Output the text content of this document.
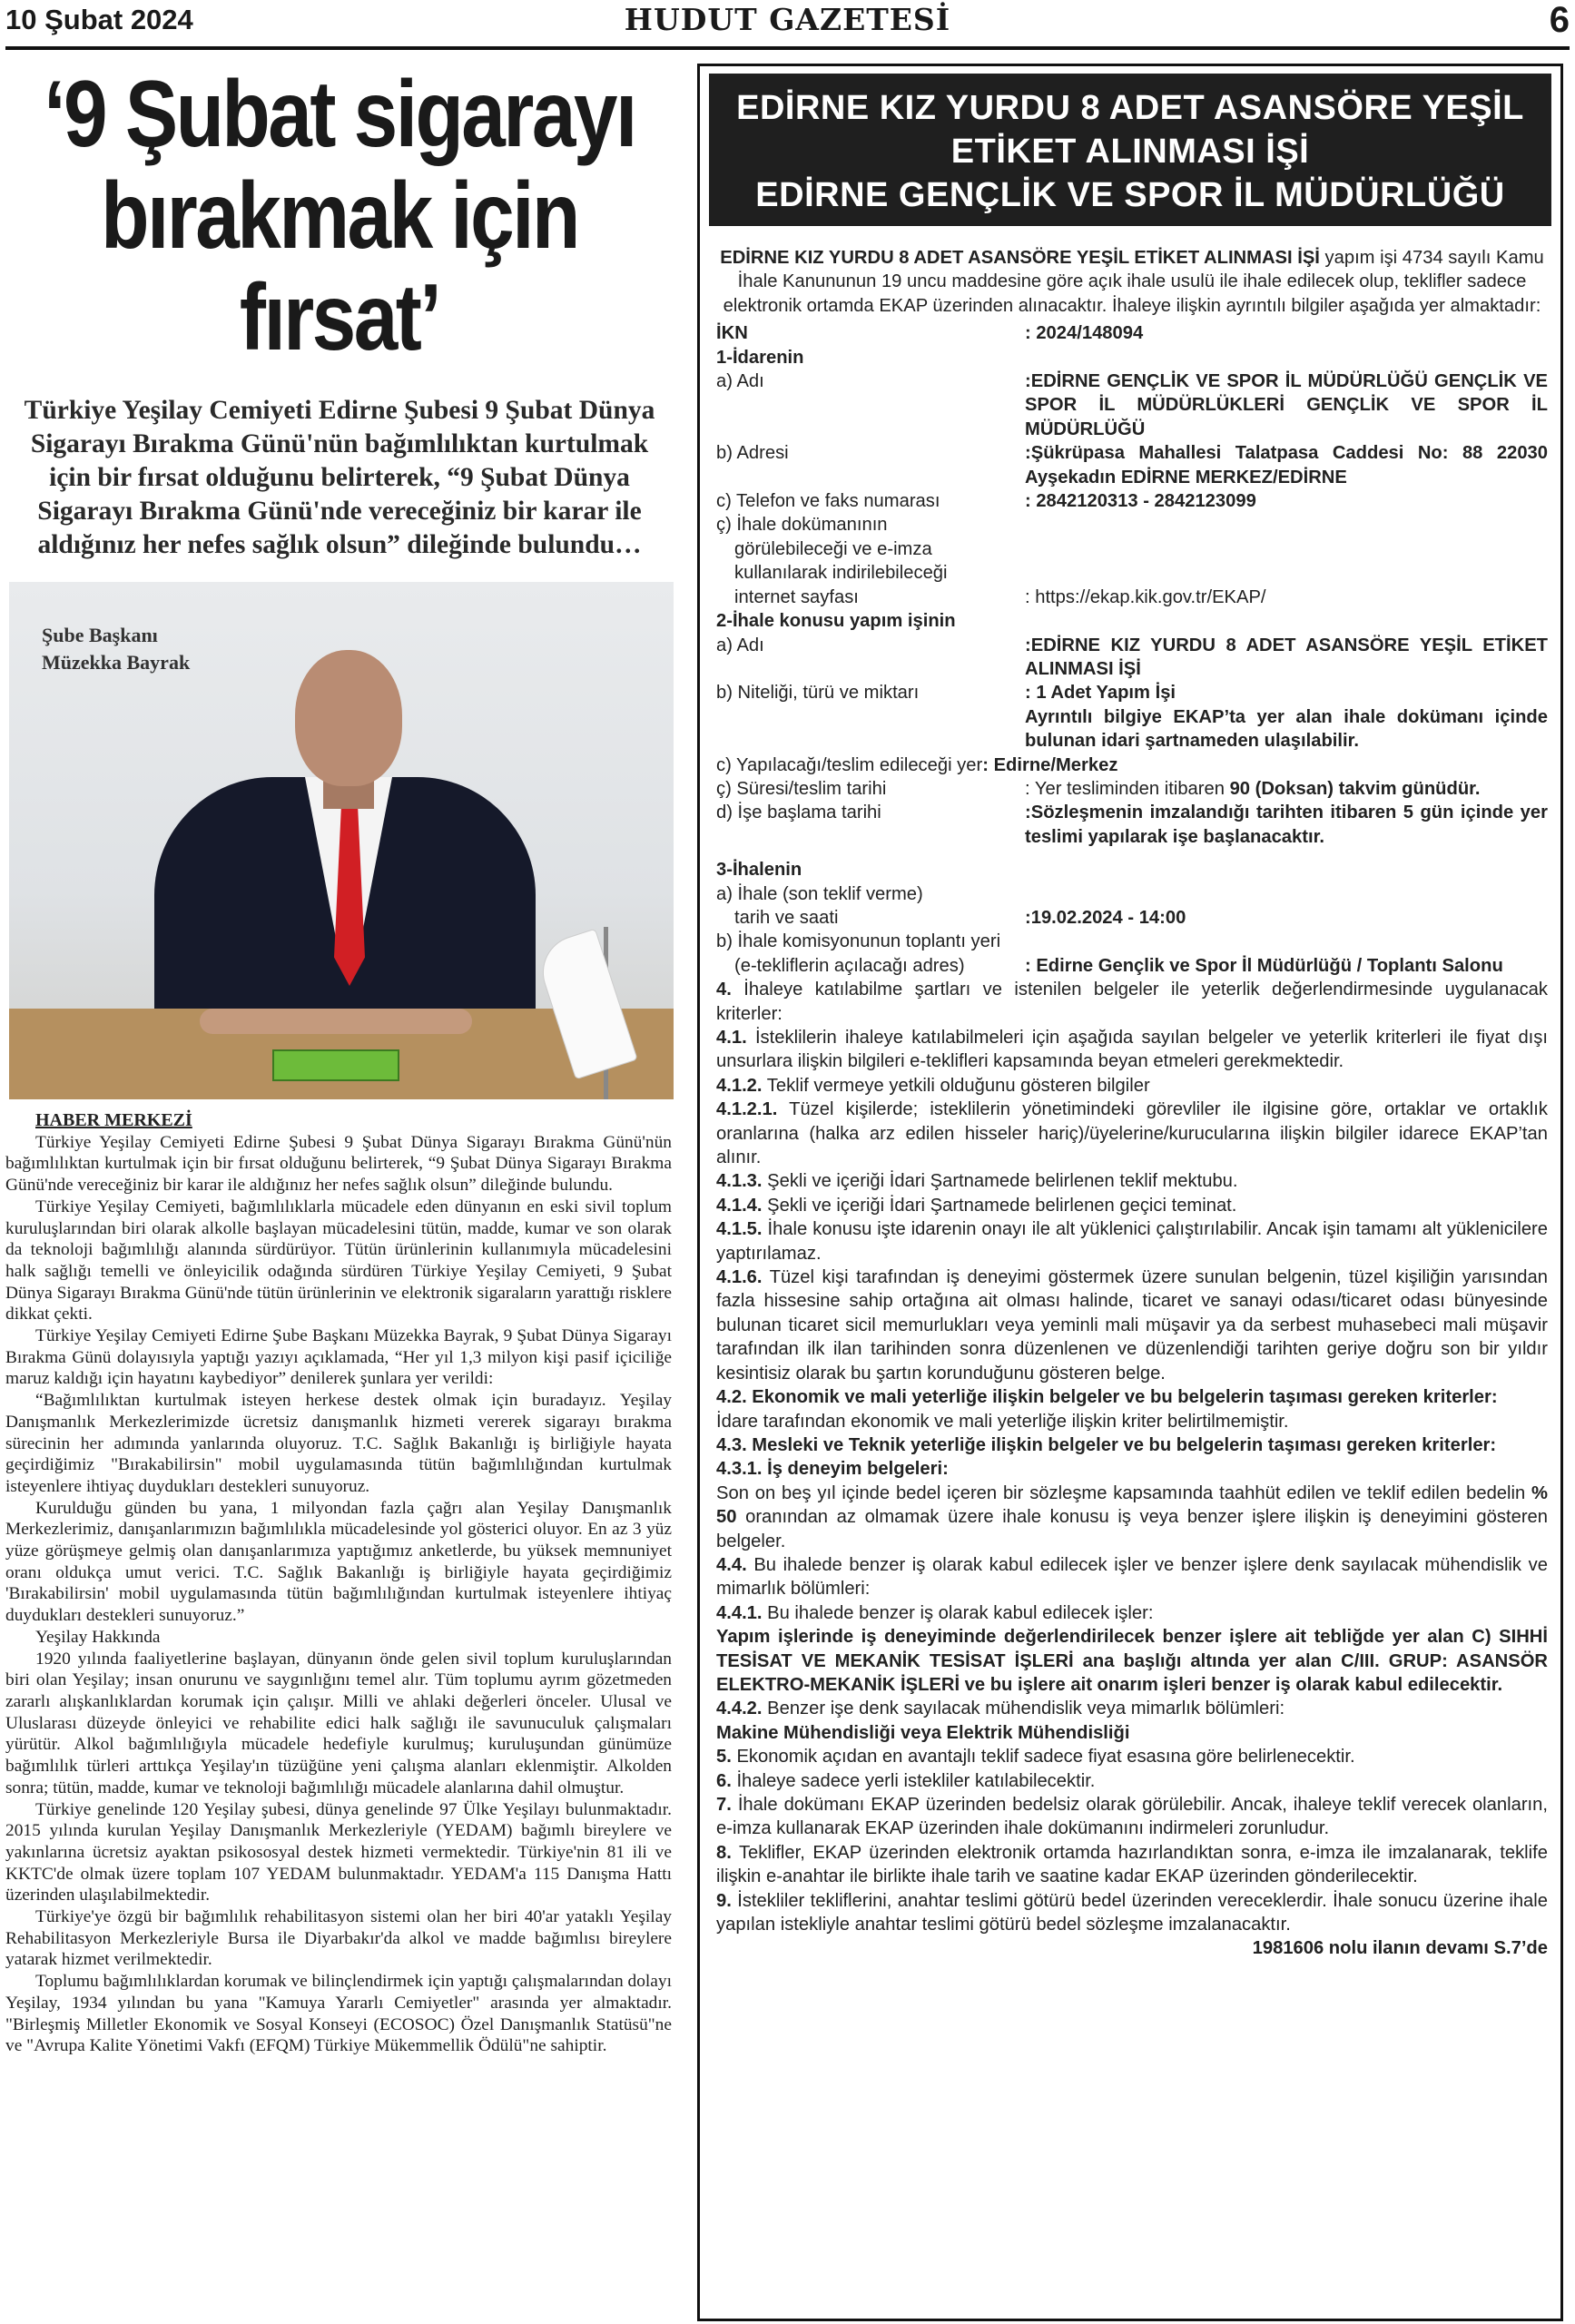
10 Şubat 2024	HUDUT GAZETESİ	6
‘9 Şubat sigarayı bırakmak için fırsat’
Türkiye Yeşilay Cemiyeti Edirne Şubesi 9 Şubat Dünya Sigarayı Bırakma Günü'nün bağımlılıktan kurtulmak için bir fırsat olduğunu belirterek, “9 Şubat Dünya Sigarayı Bırakma Günü'nde vereceğiniz bir karar ile aldığınız her nefes sağlık olsun” dileğinde bulundu…
Şube Başkanı
Müzekka Bayrak
HABER MERKEZİ

Türkiye Yeşilay Cemiyeti Edirne Şubesi 9 Şubat Dünya Sigarayı Bırakma Günü'nün bağımlılıktan kurtulmak için bir fırsat olduğunu belirterek, “9 Şubat Dünya Sigarayı Bırakma Günü'nde vereceğiniz bir karar ile aldığınız her nefes sağlık olsun” dileğinde bulundu.

Türkiye Yeşilay Cemiyeti, bağımlılıklarla mücadele eden dünyanın en eski sivil toplum kuruluşlarından biri olarak alkolle başlayan mücadelesini tütün, madde, kumar ve son olarak da teknoloji bağımlılığı alanında sürdürüyor. Tütün ürünlerinin kullanımıyla mücadelesini halk sağlığı temelli ve önleyicilik odağında sürdüren Türkiye Yeşilay Cemiyeti, 9 Şubat Dünya Sigarayı Bırakma Günü'nde tütün ürünlerinin ve elektronik sigaraların yarattığı risklere dikkat çekti.

Türkiye Yeşilay Cemiyeti Edirne Şube Başkanı Müzekka Bayrak, 9 Şubat Dünya Sigarayı Bırakma Günü dolayısıyla yaptığı yazıyı açıklamada, “Her yıl 1,3 milyon kişi pasif içiciliğe maruz kaldığı için hayatını kaybediyor” denilerek şunlara yer verildi:

“Bağımlılıktan kurtulmak isteyen herkese destek olmak için buradayız. Yeşilay Danışmanlık Merkezlerimizde ücretsiz danışmanlık hizmeti vererek sigarayı bırakma sürecinin her adımında yanlarında oluyoruz. T.C. Sağlık Bakanlığı iş birliğiyle hayata geçirdiğimiz "Bırakabilirsin" mobil uygulamasında tütün bağımlılığından kurtulmak isteyenlere ihtiyaç duydukları destekleri sunuyoruz.

Kurulduğu günden bu yana, 1 milyondan fazla çağrı alan Yeşilay Danışmanlık Merkezlerimiz, danışanlarımızın bağımlılıkla mücadelesinde yol gösterici oluyor. En az 3 yüz yüze görüşmeye gelmiş olan danışanlarımıza yaptığımız anketlerde, bu yüksek memnuniyet oranı oldukça umut verici. T.C. Sağlık Bakanlığı iş birliğiyle hayata geçirdiğimiz 'Bırakabilirsin' mobil uygulamasında tütün bağımlılığından kurtulmak isteyenlere ihtiyaç duydukları destekleri sunuyoruz.”

Yeşilay Hakkında

1920 yılında faaliyetlerine başlayan, dünyanın önde gelen sivil toplum kuruluşlarından biri olan Yeşilay; insan onurunu ve saygınlığını temel alır. Tüm toplumu ayrım gözetmeden zararlı alışkanlıklardan korumak için çalışır. Milli ve ahlaki değerleri önceler. Ulusal ve Uluslarası düzeyde önleyici ve rehabilite edici halk sağlığı ile savunuculuk çalışmaları yürütür. Alkol bağımlılığıyla mücadele hedefiyle kurulmuş; kuruluşundan günümüze bağımlılık türleri arttıkça Yeşilay'ın tüzüğüne yeni çalışma alanları eklenmiştir. Alkolden sonra; tütün, madde, kumar ve teknoloji bağımlılığı mücadele alanlarına dahil olmuştur.

Türkiye genelinde 120 Yeşilay şubesi, dünya genelinde 97 Ülke Yeşilayı bulunmaktadır. 2015 yılında kurulan Yeşilay Danışmanlık Merkezleriyle (YEDAM) bağımlı bireylere ve yakınlarına ücretsiz ayaktan psikososyal destek hizmeti vermektedir. Türkiye'nin 81 ili ve KKTC'de olmak üzere toplam 107 YEDAM bulunmaktadır. YEDAM'a 115 Danışma Hattı üzerinden ulaşılabilmektedir.

Türkiye'ye özgü bir bağımlılık rehabilitasyon sistemi olan her biri 40'ar yataklı Yeşilay Rehabilitasyon Merkezleriyle Bursa ile Diyarbakır'da alkol ve madde bağımlısı bireylere yatarak hizmet verilmektedir.

Toplumu bağımlılıklardan korumak ve bilinçlendirmek için yaptığı çalışmalarından dolayı Yeşilay, 1934 yılından bu yana "Kamuya Yararlı Cemiyetler" arasında yer almaktadır. "Birleşmiş Milletler Ekonomik ve Sosyal Konseyi (ECOSOC) Özel Danışmanlık Statüsü"ne ve "Avrupa Kalite Yönetimi Vakfı (EFQM) Türkiye Mükemmellik Ödülü"ne sahiptir.

EDİRNE KIZ YURDU 8 ADET ASANSÖRE YEŞİL
ETİKET ALINMASI İŞİ
EDİRNE GENÇLİK VE SPOR İL MÜDÜRLÜĞÜ
EDİRNE KIZ YURDU 8 ADET ASANSÖRE YEŞİL ETİKET ALINMASI İŞİ yapım işi 4734 sayılı Kamu İhale Kanununun 19 uncu maddesine göre açık ihale usulü ile ihale edilecek olup, teklifler sadece elektronik ortamda EKAP üzerinden alınacaktır. İhaleye ilişkin ayrıntılı bilgiler aşağıda yer almaktadır:
İKN	: 2024/148094
1-İdarenin
a) Adı	:EDİRNE GENÇLİK VE SPOR İL MÜDÜRLÜĞÜ GENÇLİK VE SPOR İL MÜDÜRLÜKLERİ GENÇLİK VE SPOR İL MÜDÜRLÜĞÜ
b) Adresi	:Şükrüpasa Mahallesi Talatpasa Caddesi No: 88 22030 Ayşekadın EDİRNE MERKEZ/EDİRNE
c) Telefon ve faks numarası	: 2842120313 - 2842123099
ç) İhale dokümanının
görülebileceği ve e-imza
kullanılarak indirilebileceği
internet sayfası	: https://ekap.kik.gov.tr/EKAP/
2-İhale konusu yapım işinin
a) Adı	:EDİRNE KIZ YURDU 8 ADET ASANSÖRE YEŞİL ETİKET ALINMASI İŞİ
b) Niteliği, türü ve miktarı	: 1 Adet Yapım İşi
Ayrıntılı bilgiye EKAP’ta yer alan ihale dokümanı içinde bulunan idari şartnameden ulaşılabilir.
c) Yapılacağı/teslim edileceği yer: Edirne/Merkez
ç) Süresi/teslim tarihi	: Yer tesliminden itibaren 90 (Doksan) takvim günüdür.
d) İşe başlama tarihi	:Sözleşmenin imzalandığı tarihten itibaren 5 gün içinde yer teslimi yapılarak işe başlanacaktır.
3-İhalenin
a) İhale (son teklif verme)
tarih ve saati	:19.02.2024 - 14:00
b) İhale komisyonunun toplantı yeri
(e-tekliflerin açılacağı adres)	: Edirne Gençlik ve Spor İl Müdürlüğü / Toplantı Salonu
4. İhaleye katılabilme şartları ve istenilen belgeler ile yeterlik değerlendirmesinde uygulanacak kriterler:
4.1. İsteklilerin ihaleye katılabilmeleri için aşağıda sayılan belgeler ve yeterlik kriterleri ile fiyat dışı unsurlara ilişkin bilgileri e-teklifleri kapsamında beyan etmeleri gerekmektedir.
4.1.2. Teklif vermeye yetkili olduğunu gösteren bilgiler
4.1.2.1. Tüzel kişilerde; isteklilerin yönetimindeki görevliler ile ilgisine göre, ortaklar ve ortaklık oranlarına (halka arz edilen hisseler hariç)/üyelerine/kurucularına ilişkin bilgiler idarece EKAP’tan alınır.
4.1.3. Şekli ve içeriği İdari Şartnamede belirlenen teklif mektubu.
4.1.4. Şekli ve içeriği İdari Şartnamede belirlenen geçici teminat.
4.1.5. İhale konusu işte idarenin onayı ile alt yüklenici çalıştırılabilir. Ancak işin tamamı alt yüklenicilere yaptırılamaz.
4.1.6. Tüzel kişi tarafından iş deneyimi göstermek üzere sunulan belgenin, tüzel kişiliğin yarısından fazla hissesine sahip ortağına ait olması halinde, ticaret ve sanayi odası/ticaret odası bünyesinde bulunan ticaret sicil memurlukları veya yeminli mali müşavir ya da serbest muhasebeci mali müşavir tarafından ilk ilan tarihinden sonra düzenlenen ve düzenlendiği tarihten geriye doğru son bir yıldır kesintisiz olarak bu şartın korunduğunu gösteren belge.
4.2. Ekonomik ve mali yeterliğe ilişkin belgeler ve bu belgelerin taşıması gereken kriterler:
İdare tarafından ekonomik ve mali yeterliğe ilişkin kriter belirtilmemiştir.
4.3. Mesleki ve Teknik yeterliğe ilişkin belgeler ve bu belgelerin taşıması gereken kriterler:
4.3.1. İş deneyim belgeleri:
Son on beş yıl içinde bedel içeren bir sözleşme kapsamında taahhüt edilen ve teklif edilen bedelin % 50 oranından az olmamak üzere ihale konusu iş veya benzer işlere ilişkin iş deneyimini gösteren belgeler.
4.4. Bu ihalede benzer iş olarak kabul edilecek işler ve benzer işlere denk sayılacak mühendislik ve mimarlık bölümleri:
4.4.1. Bu ihalede benzer iş olarak kabul edilecek işler:
Yapım işlerinde iş deneyiminde değerlendirilecek benzer işlere ait tebliğde yer alan C) SIHHİ TESİSAT VE MEKANİK TESİSAT İŞLERİ ana başlığı altında yer alan C/III. GRUP: ASANSÖR ELEKTRO-MEKANİK İŞLERİ ve bu işlere ait onarım işleri benzer iş olarak kabul edilecektir.
4.4.2. Benzer işe denk sayılacak mühendislik veya mimarlık bölümleri:
Makine Mühendisliği veya Elektrik Mühendisliği
5. Ekonomik açıdan en avantajlı teklif sadece fiyat esasına göre belirlenecektir.
6. İhaleye sadece yerli istekliler katılabilecektir.
7. İhale dokümanı EKAP üzerinden bedelsiz olarak görülebilir. Ancak, ihaleye teklif verecek olanların, e-imza kullanarak EKAP üzerinden ihale dokümanını indirmeleri zorunludur.
8. Teklifler, EKAP üzerinden elektronik ortamda hazırlandıktan sonra, e-imza ile imzalanarak, teklife ilişkin e-anahtar ile birlikte ihale tarih ve saatine kadar EKAP üzerinden gönderilecektir.
9. İstekliler tekliflerini, anahtar teslimi götürü bedel üzerinden vereceklerdir. İhale sonucu üzerine ihale yapılan istekliyle anahtar teslimi götürü bedel sözleşme imzalanacaktır.
1981606 nolu ilanın devamı S.7’de
